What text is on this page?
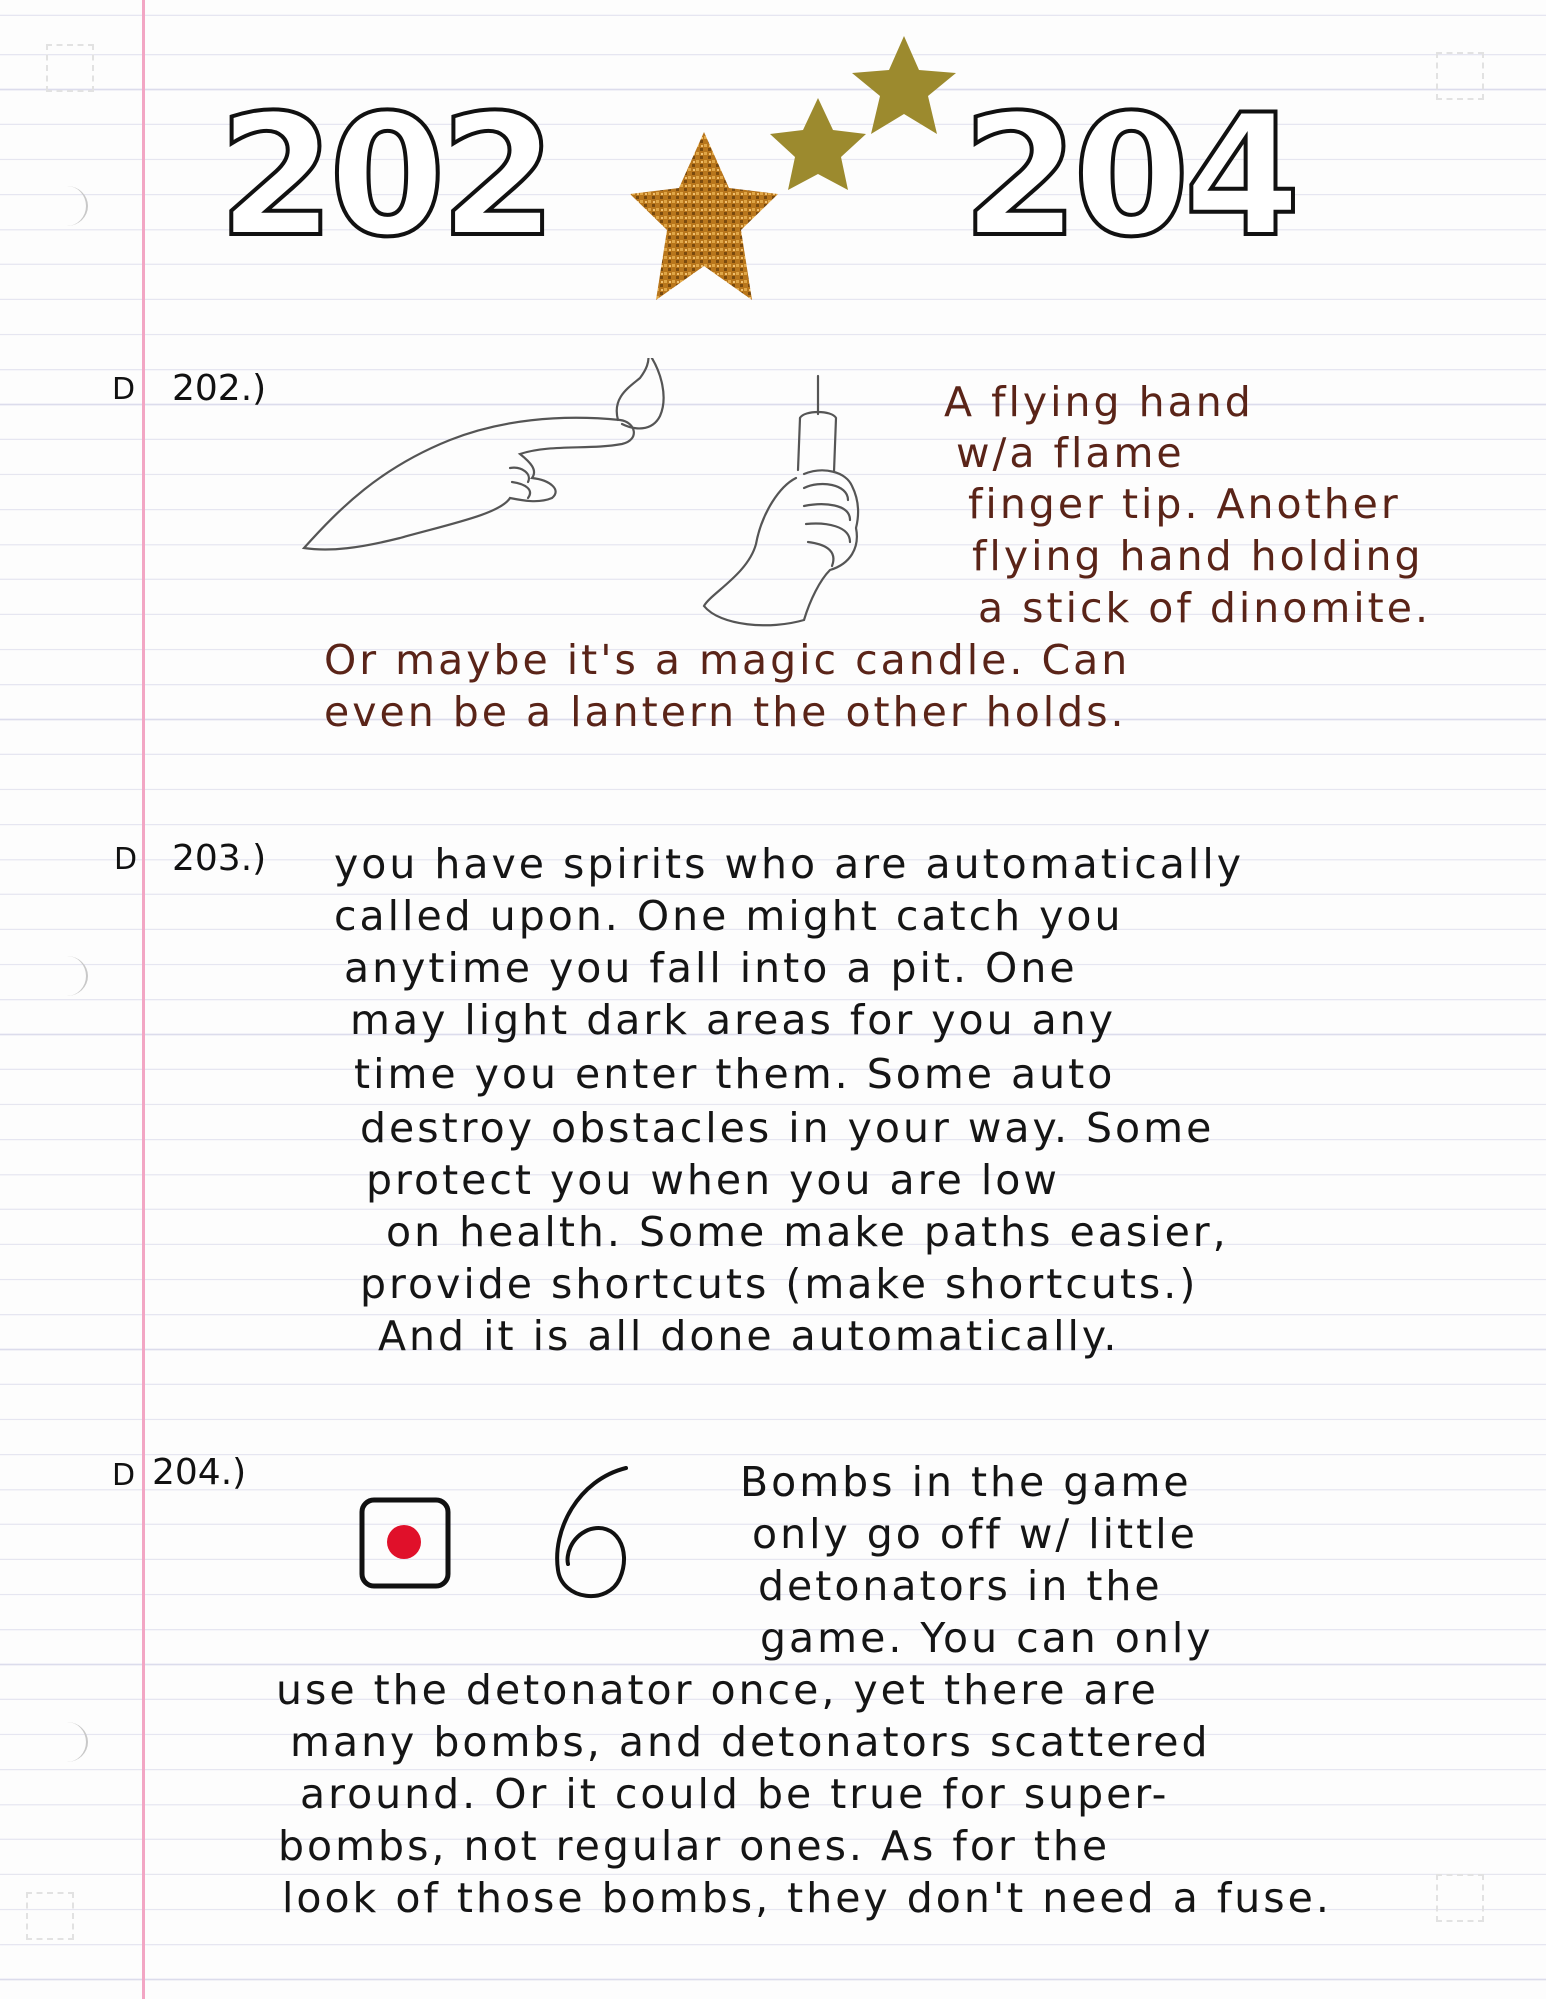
202 204
D 202.)	A flying hand
w/a flame
finger tip. Another
flying hand holding
a stick of dinomite.
Or maybe it's a magic candle. Can
even be a lantern the other holds.
D 203.) you have spirits who are automatically
called upon. One might catch you
anytime you fall into a pit. One
may light dark areas for you any
time you enter them. Some auto
destroy obstacles in your way. Some
protect you when you are low
on health. Some make paths easier,
provide shortcuts (make shortcuts.)
And it is all done automatically.
D 204.)	Bombs in the game
only go off w/ little
detonators in the
game. You can only
use the detonator once, yet there are
many bombs, and detonators scattered
around. Or it could be true for super-
bombs, not regular ones. As for the
look of those bombs, they don't need a fuse.
